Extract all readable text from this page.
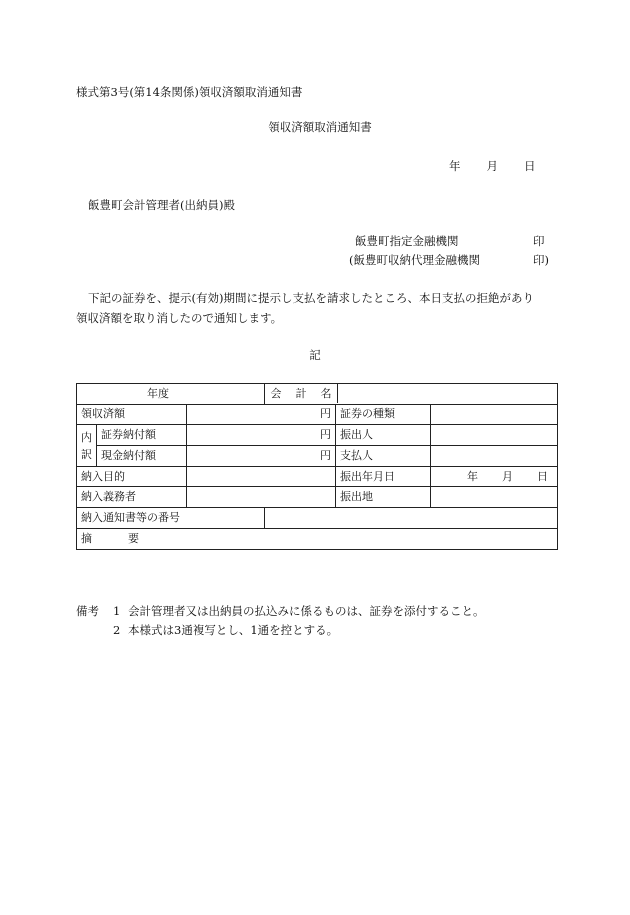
様式第3号(第14条関係)領収済額取消通知書
領収済額取消通知書
年 月 日
飯豊町会計管理者(出納員)殿
飯豊町指定金融機関	印
(飯豊町収納代理金融機関	印)
下記の証券を、提示(有効)期間に提示し支払を請求したところ、本日支払の拒絶があり
領収済額を取り消したので通知します。
記
年度			会 計 名		
領収済額		円		証券の種類	
内
訳	証券納付額	円		振出人	
	現金納付額	円		支払人	
納入目的				振出年月日	年 月 日
納入義務者				振出地	
納入通知書等の番号					
摘 要					
備考 1 会計管理者又は出納員の払込みに係るものは、証券を添付すること。
2 本様式は3通複写とし、1通を控とする。
